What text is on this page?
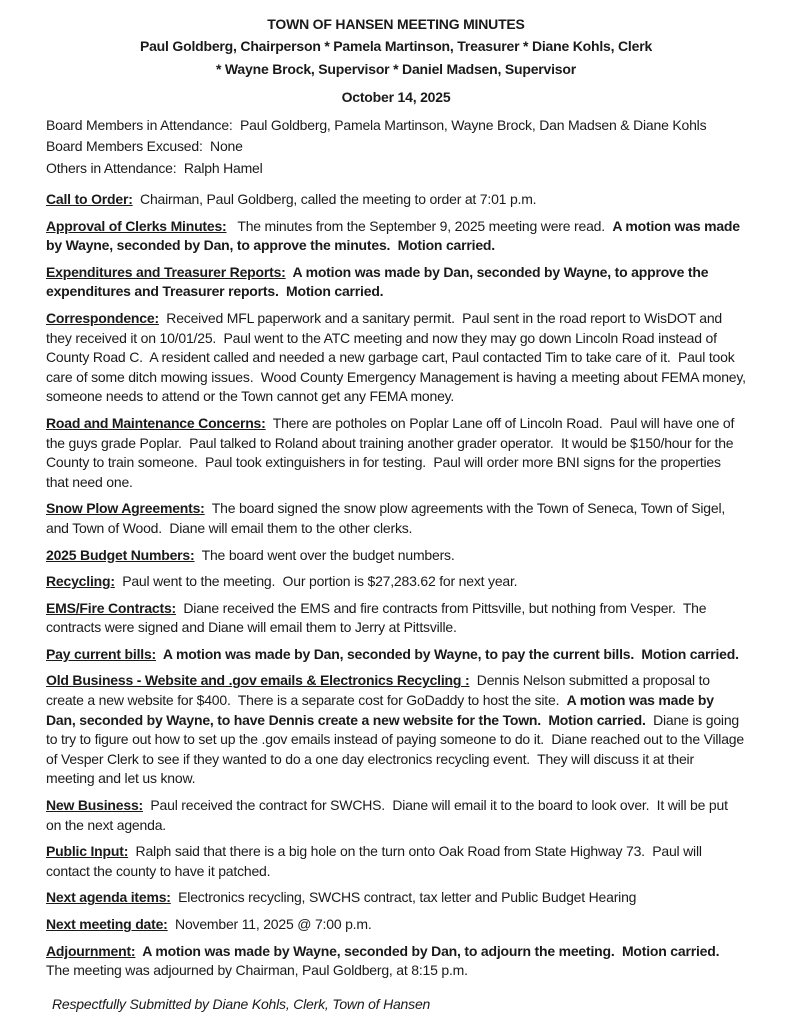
TOWN OF HANSEN MEETING MINUTES
Paul Goldberg, Chairperson * Pamela Martinson, Treasurer * Diane Kohls, Clerk
* Wayne Brock, Supervisor * Daniel Madsen, Supervisor
October 14, 2025
Board Members in Attendance:  Paul Goldberg, Pamela Martinson, Wayne Brock, Dan Madsen & Diane Kohls
Board Members Excused:  None
Others in Attendance:  Ralph Hamel

Call to Order:  Chairman, Paul Goldberg, called the meeting to order at 7:01 p.m.

Approval of Clerks Minutes:   The minutes from the September 9, 2025 meeting were read.  A motion was made by Wayne, seconded by Dan, to approve the minutes.  Motion carried.

Expenditures and Treasurer Reports:  A motion was made by Dan, seconded by Wayne, to approve the expenditures and Treasurer reports.  Motion carried.

Correspondence:  Received MFL paperwork and a sanitary permit.  Paul sent in the road report to WisDOT and they received it on 10/01/25.  Paul went to the ATC meeting and now they may go down Lincoln Road instead of County Road C.  A resident called and needed a new garbage cart, Paul contacted Tim to take care of it.  Paul took care of some ditch mowing issues.  Wood County Emergency Management is having a meeting about FEMA money, someone needs to attend or the Town cannot get any FEMA money.

Road and Maintenance Concerns:  There are potholes on Poplar Lane off of Lincoln Road.  Paul will have one of the guys grade Poplar.  Paul talked to Roland about training another grader operator.  It would be $150/hour for the County to train someone.  Paul took extinguishers in for testing.  Paul will order more BNI signs for the properties that need one.

Snow Plow Agreements:  The board signed the snow plow agreements with the Town of Seneca, Town of Sigel, and Town of Wood.  Diane will email them to the other clerks.

2025 Budget Numbers:  The board went over the budget numbers.

Recycling:  Paul went to the meeting.  Our portion is $27,283.62 for next year.

EMS/Fire Contracts:  Diane received the EMS and fire contracts from Pittsville, but nothing from Vesper.  The contracts were signed and Diane will email them to Jerry at Pittsville.

Pay current bills:  A motion was made by Dan, seconded by Wayne, to pay the current bills.  Motion carried.

Old Business - Website and .gov emails & Electronics Recycling :  Dennis Nelson submitted a proposal to create a new website for $400.  There is a separate cost for GoDaddy to host the site.  A motion was made by Dan, seconded by Wayne, to have Dennis create a new website for the Town.  Motion carried.  Diane is going to try to figure out how to set up the .gov emails instead of paying someone to do it.  Diane reached out to the Village of Vesper Clerk to see if they wanted to do a one day electronics recycling event.  They will discuss it at their meeting and let us know.

New Business:  Paul received the contract for SWCHS.  Diane will email it to the board to look over.  It will be put on the next agenda.

Public Input:  Ralph said that there is a big hole on the turn onto Oak Road from State Highway 73.  Paul will contact the county to have it patched.

Next agenda items:  Electronics recycling, SWCHS contract, tax letter and Public Budget Hearing

Next meeting date:  November 11, 2025 @ 7:00 p.m.

Adjournment:  A motion was made by Wayne, seconded by Dan, to adjourn the meeting.  Motion carried.  The meeting was adjourned by Chairman, Paul Goldberg, at 8:15 p.m.

Respectfully Submitted by Diane Kohls, Clerk, Town of Hansen
